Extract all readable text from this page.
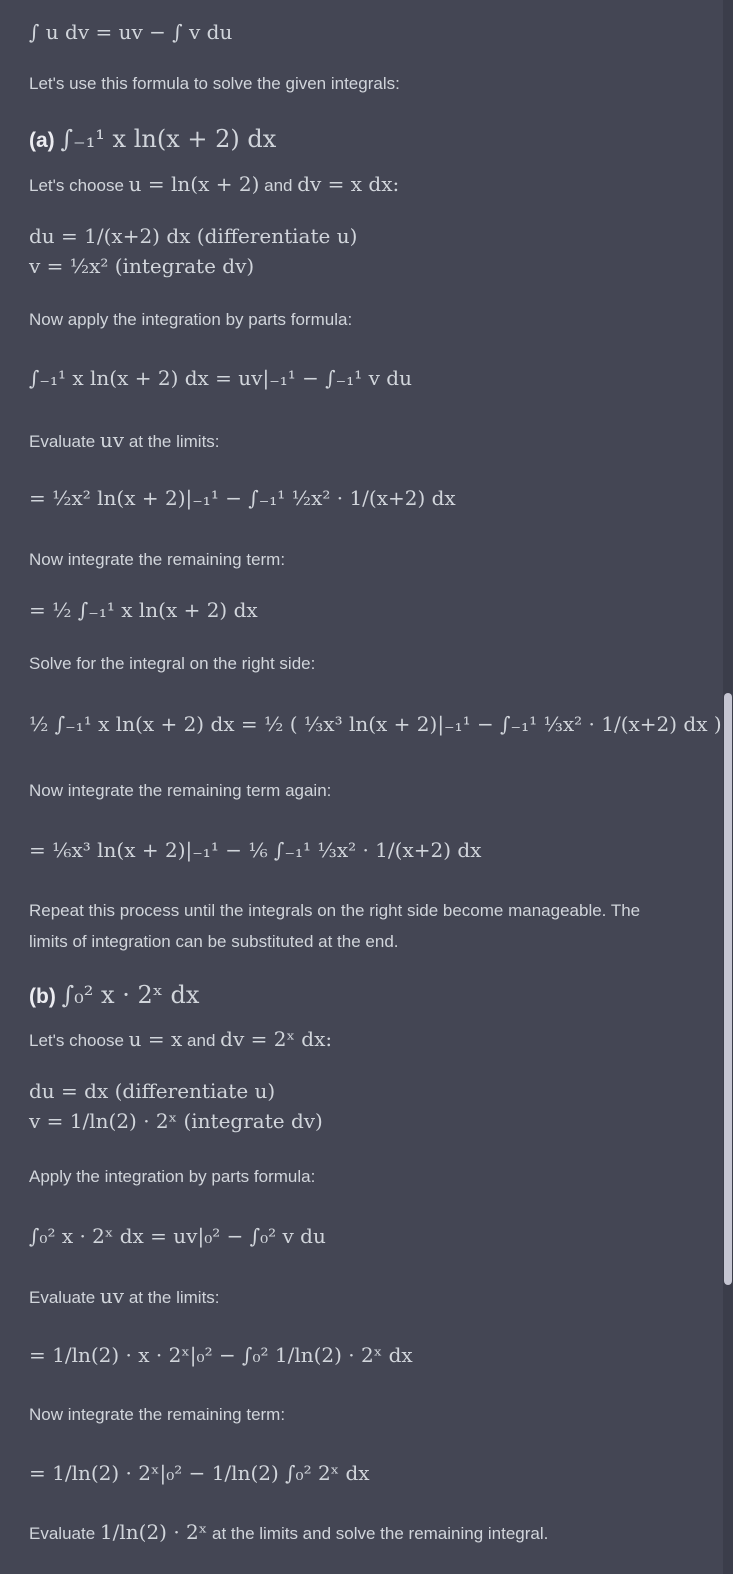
∫ u dv = uv − ∫ v du
Let's use this formula to solve the given integrals:
(a) ∫₋₁¹ x ln(x + 2) dx
Let's choose u = ln(x + 2) and dv = x dx:
du = 1/(x+2) dx (differentiate u)
v = ½x² (integrate dv)
Now apply the integration by parts formula:
∫₋₁¹ x ln(x + 2) dx = uv|₋₁¹ − ∫₋₁¹ v du
Evaluate uv at the limits:
= ½x² ln(x + 2)|₋₁¹ − ∫₋₁¹ ½x² · 1/(x+2) dx
Now integrate the remaining term:
= ½ ∫₋₁¹ x ln(x + 2) dx
Solve for the integral on the right side:
½ ∫₋₁¹ x ln(x + 2) dx = ½ ( ⅓x³ ln(x + 2)|₋₁¹ − ∫₋₁¹ ⅓x² · 1/(x+2) dx )
Now integrate the remaining term again:
= ⅙x³ ln(x + 2)|₋₁¹ − ⅙ ∫₋₁¹ ⅓x² · 1/(x+2) dx
Repeat this process until the integrals on the right side become manageable. The limits of integration can be substituted at the end.
(b) ∫₀² x · 2ˣ dx
Let's choose u = x and dv = 2ˣ dx:
du = dx (differentiate u)
v = 1/ln(2) · 2ˣ (integrate dv)
Apply the integration by parts formula:
∫₀² x · 2ˣ dx = uv|₀² − ∫₀² v du
Evaluate uv at the limits:
= 1/ln(2) · x · 2ˣ|₀² − ∫₀² 1/ln(2) · 2ˣ dx
Now integrate the remaining term:
= 1/ln(2) · 2ˣ|₀² − 1/ln(2) ∫₀² 2ˣ dx
Evaluate 1/ln(2) · 2ˣ at the limits and solve the remaining integral.
